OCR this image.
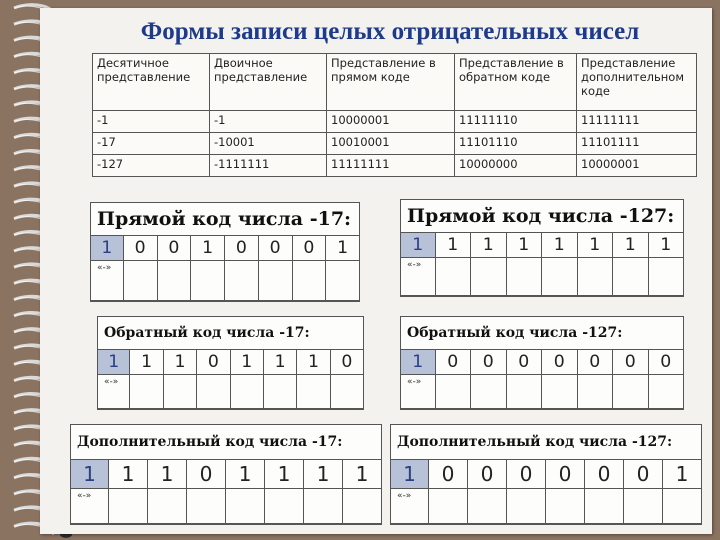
Формы записи целых отрицательных чисел
Десятичное представление	Двоичное представление	Представление в прямом коде	Представление в обратном коде	Представление дополнительном коде
-1	-1	10000001	11111110	11111111
-17	-10001	10010001	11101110	11101111
-127	-1111111	11111111	10000000	10000001
Прямой код числа -17:
1	0	0	1	0	0	0	1
«-»
Прямой код числа -127:
1	1	1	1	1	1	1	1
«-»
Обратный код числа -17:
1	1	1	0	1	1	1	0
«-»
Обратный код числа -127:
1	0	0	0	0	0	0	0
«-»
Дополнительный код числа -17:
1	1	1	0	1	1	1	1
«-»
Дополнительный код числа -127:
1	0	0	0	0	0	0	1
«-»
